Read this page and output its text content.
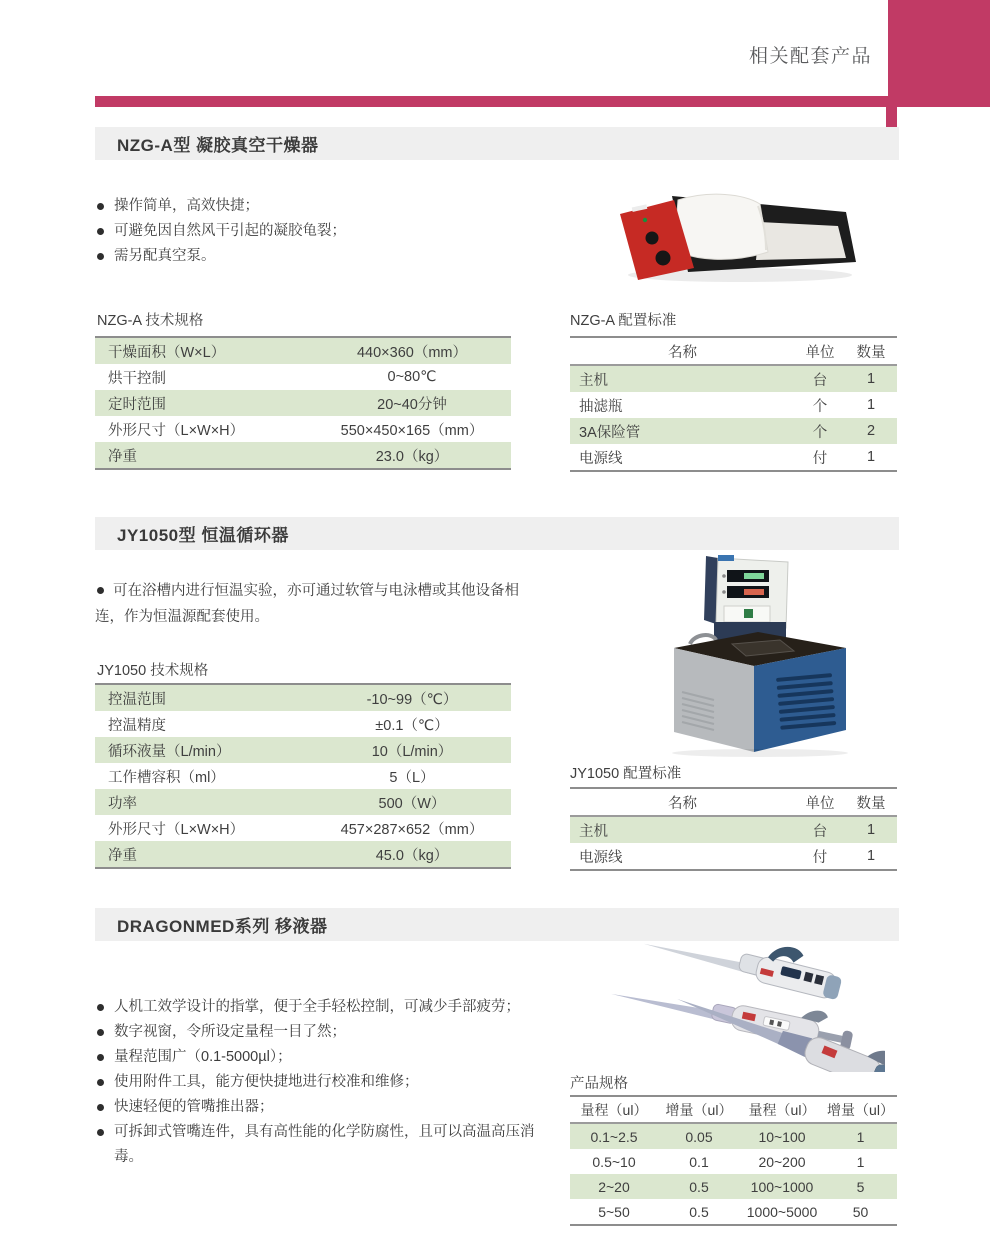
相关配套产品
NZG-A型 凝胶真空干燥器
操作简单，高效快捷；
可避免因自然风干引起的凝胶龟裂；
需另配真空泵。
NZG-A 技术规格
干燥面积（W×L）	440×360（mm）
烘干控制	0~80℃
定时范围	20~40分钟
外形尺寸（L×W×H）	550×450×165（mm）
净重	23.0（kg）
NZG-A 配置标准
名称	单位	数量
主机	台	1
抽滤瓶	个	1
3A保险管	个	2
电源线	付	1
JY1050型 恒温循环器

可在浴槽内进行恒温实验，亦可通过软管与电泳槽或其他设备相连，作为恒温源配套使用。

JY1050 技术规格
控温范围	-10~99（℃）
控温精度	±0.1（℃）
循环液量（L/min）	10（L/min）
工作槽容积（ml）	5（L）
功率	500（W）
外形尺寸（L×W×H）	457×287×652（mm）
净重	45.0（kg）
JY1050 配置标准
名称	单位	数量
主机	台	1
电源线	付	1
DRAGONMED系列 移液器
人机工效学设计的指掌，便于全手轻松控制，可减少手部疲劳；
数字视窗，令所设定量程一目了然；
量程范围广（0.1-5000µl）；
使用附件工具，能方便快捷地进行校准和维修；
快速轻便的管嘴推出器；
可拆卸式管嘴连件，具有高性能的化学防腐性，且可以高温高压消毒。
产品规格
量程（ul）	增量（ul）	量程（ul）	增量（ul）
0.1~2.5	0.05	10~100	1
0.5~10	0.1	20~200	1
2~20	0.5	100~1000	5
5~50	0.5	1000~5000	50
